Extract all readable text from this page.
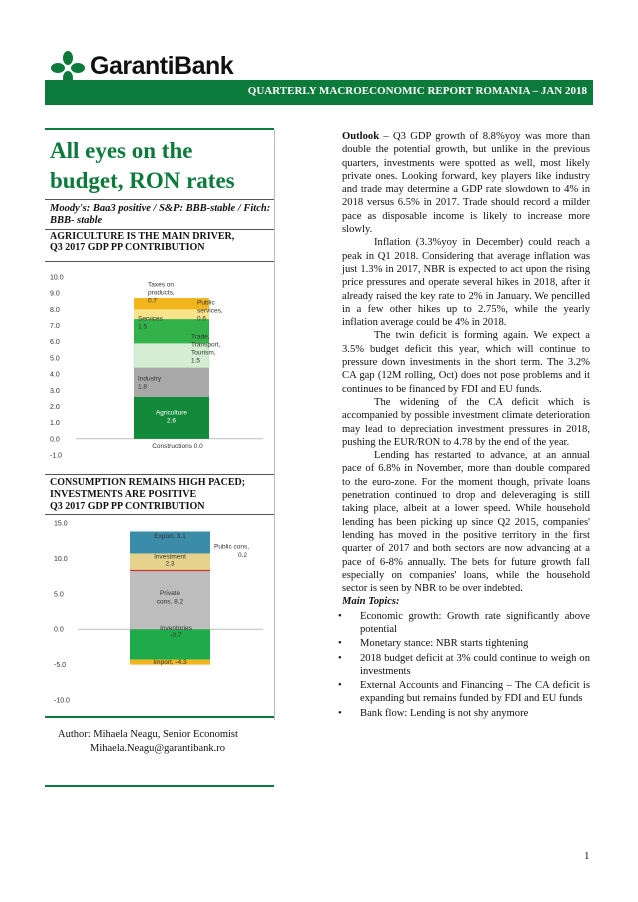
GarantiBank
QUARTERLY MACROECONOMIC REPORT ROMANIA – JAN 2018
All eyes on the budget, RON rates
Moody's: Baa3 positive / S&P: BBB-stable / Fitch: BBB- stable
AGRICULTURE IS THE MAIN DRIVER,
Q3 2017 GDP PP CONTRIBUTION
10.0
9.0
8.0
7.0
6.0
5.0
4.0
3.0
2.0
1.0
0.0
-1.0
Agriculture
2.6
Industry
1.8
Trade,
Transport,
Tourism,
1.5
Services
1.5
Public
services,
0.6
Taxes on
products,
0.7
Constructions 0.0
CONSUMPTION REMAINS HIGH PACED;
INVESTMENTS ARE POSITIVE
Q3 2017 GDP PP CONTRIBUTION
15.0
10.0
5.0
0.0
-5.0
-10.0
Import, -4.3
Inventories
-0.7
Private
cons, 8.2
Investment
2.3
Export, 3.1
Public cons,
0.2
Author: Mihaela Neagu, Senior Economist
Mihaela.Neagu@garantibank.ro

Outlook – Q3 GDP growth of 8.8%yoy was more than double the potential growth, but unlike in the previous quarters, investments were spotted as well, most likely private ones. Looking forward, key players like industry and trade may determine a GDP rate slowdown to 4% in 2018 versus 6.5% in 2017. Trade should record a milder pace as disposable income is likely to increase more slowly.

Inflation (3.3%yoy in December) could reach a peak in Q1 2018. Considering that average inflation was just 1.3% in 2017, NBR is expected to act upon the rising price pressures and operate several hikes in 2018, after it already raised the key rate to 2% in January. We pencilled in a few other hikes up to 2.75%, while the yearly inflation average could be 4% in 2018.

The twin deficit is forming again. We expect a 3.5% budget deficit this year, which will continue to pressure down investments in the short term. The 3.2% CA gap (12M rolling, Oct) does not pose problems and it continues to be financed by FDI and EU funds.

The widening of the CA deficit which is accompanied by possible investment climate deterioration may lead to depreciation investment pressures in 2018, pushing the EUR/RON to 4.78 by the end of the year.

Lending has restarted to advance, at an annual pace of 6.8% in November, more than double compared to the euro-zone. For the moment though, private loans penetration continued to drop and deleveraging is still taking place, albeit at a lower speed. While household lending has been picking up since Q2 2015, companies' lending has moved in the positive territory in the first quarter of 2017 and both sectors are now advancing at a pace of 6-8% annually. The bets for future growth fall especially on companies' loans, while the household sector is seen by NBR to be over indebted.

Main Topics:

• Economic growth: Growth rate significantly above potential
• Monetary stance: NBR starts tightening
• 2018 budget deficit at 3% could continue to weigh on investments
• External Accounts and Financing – The CA deficit is expanding but remains funded by FDI and EU funds
• Bank flow: Lending is not shy anymore
1
